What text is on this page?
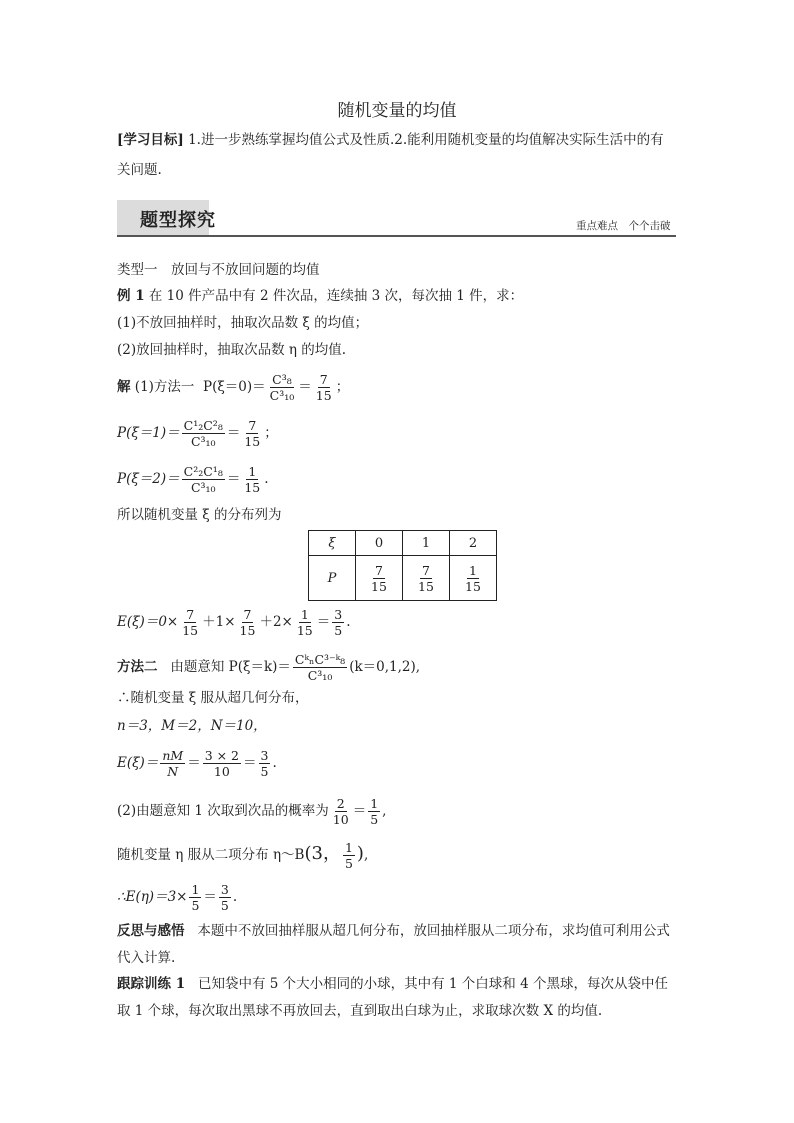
随机变量的均值
[学习目标] 1.进一步熟练掌握均值公式及性质.2.能利用随机变量的均值解决实际生活中的有关问题.
题型探究	重点难点　个个击破
类型一　放回与不放回问题的均值
例 1 在 10 件产品中有 2 件次品，连续抽 3 次，每次抽 1 件，求：
(1)不放回抽样时，抽取次品数 ξ 的均值；
(2)放回抽样时，抽取次品数 η 的均值.
解 (1)方法一 $P(\xi=0)= \frac{\text{C³₈}}{\text{C³₁₀}} = \frac{7}{15}$ ；
$P(\xi=1)= \frac{\text{C¹₂C²₈}}{\text{C³₁₀}} = \frac{7}{15}$ ；
$P(\xi=2)= \frac{\text{C²₂C¹₈}}{\text{C³₁₀}} = \frac{1}{15}$ .
所以随机变量 ξ 的分布列为
ξ	0	1	2
P	$\frac{7}{15}$	$\frac{7}{15}$	$\frac{1}{15}$
$E(\xi)=0\times \frac{7}{15} +1\times \frac{7}{15} +2\times \frac{1}{15} = \frac{3}{5}$ .
方法二 由题意知 $P(\xi=k)= \frac{\text{CᵏₙC³⁻ᵏ₈}}{\text{C³₁₀}} (k=0,1,2)$,
∴随机变量 ξ 服从超几何分布，
n＝3，M＝2，N＝10，
$E(\xi)= \frac{nM}{N} = \frac{3 \times 2}{10} = \frac{3}{5}$ .
(2)由题意知 1 次取到次品的概率为 $\frac{2}{10} = \frac{1}{5}$ ,
随机变量 η 服从二项分布 η～B(3， $\frac{1}{5}$ ),
∴E(η)＝3× $\frac{1}{5} = \frac{3}{5}$ .
反思与感悟 本题中不放回抽样服从超几何分布，放回抽样服从二项分布，求均值可利用公式代入计算.
跟踪训练 1 已知袋中有 5 个大小相同的小球，其中有 1 个白球和 4 个黑球，每次从袋中任取 1 个球，每次取出黑球不再放回去，直到取出白球为止，求取球次数 X 的均值.
